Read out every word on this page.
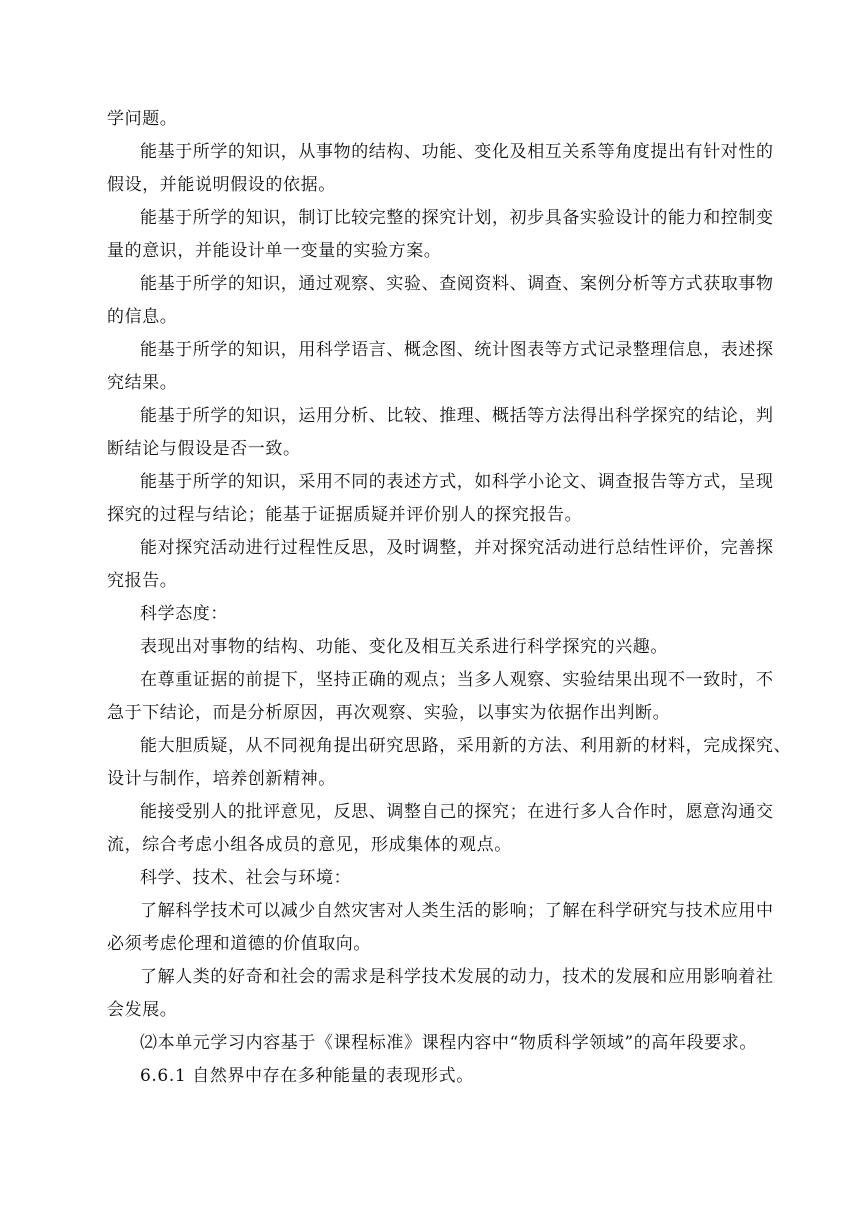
学问题。

能基于所学的知识，从事物的结构、功能、变化及相互关系等角度提出有针对性的
假设，并能说明假设的依据。

能基于所学的知识，制订比较完整的探究计划，初步具备实验设计的能力和控制变
量的意识，并能设计单一变量的实验方案。

能基于所学的知识，通过观察、实验、查阅资料、调查、案例分析等方式获取事物
的信息。

能基于所学的知识，用科学语言、概念图、统计图表等方式记录整理信息，表述探
究结果。

能基于所学的知识，运用分析、比较、推理、概括等方法得出科学探究的结论，判
断结论与假设是否一致。

能基于所学的知识，采用不同的表述方式，如科学小论文、调查报告等方式，呈现
探究的过程与结论；能基于证据质疑并评价别人的探究报告。

能对探究活动进行过程性反思，及时调整，并对探究活动进行总结性评价，完善探
究报告。

科学态度：

表现出对事物的结构、功能、变化及相互关系进行科学探究的兴趣。

在尊重证据的前提下，坚持正确的观点；当多人观察、实验结果出现不一致时，不
急于下结论，而是分析原因，再次观察、实验，以事实为依据作出判断。

能大胆质疑，从不同视角提出研究思路，采用新的方法、利用新的材料，完成探究、
设计与制作，培养创新精神。

能接受别人的批评意见，反思、调整自己的探究；在进行多人合作时，愿意沟通交
流，综合考虑小组各成员的意见，形成集体的观点。

科学、技术、社会与环境：

了解科学技术可以减少自然灾害对人类生活的影响；了解在科学研究与技术应用中
必须考虑伦理和道德的价值取向。

了解人类的好奇和社会的需求是科学技术发展的动力，技术的发展和应用影响着社
会发展。

⑵本单元学习内容基于《课程标准》课程内容中“物质科学领域”的高年段要求。

6.6.1 自然界中存在多种能量的表现形式。
